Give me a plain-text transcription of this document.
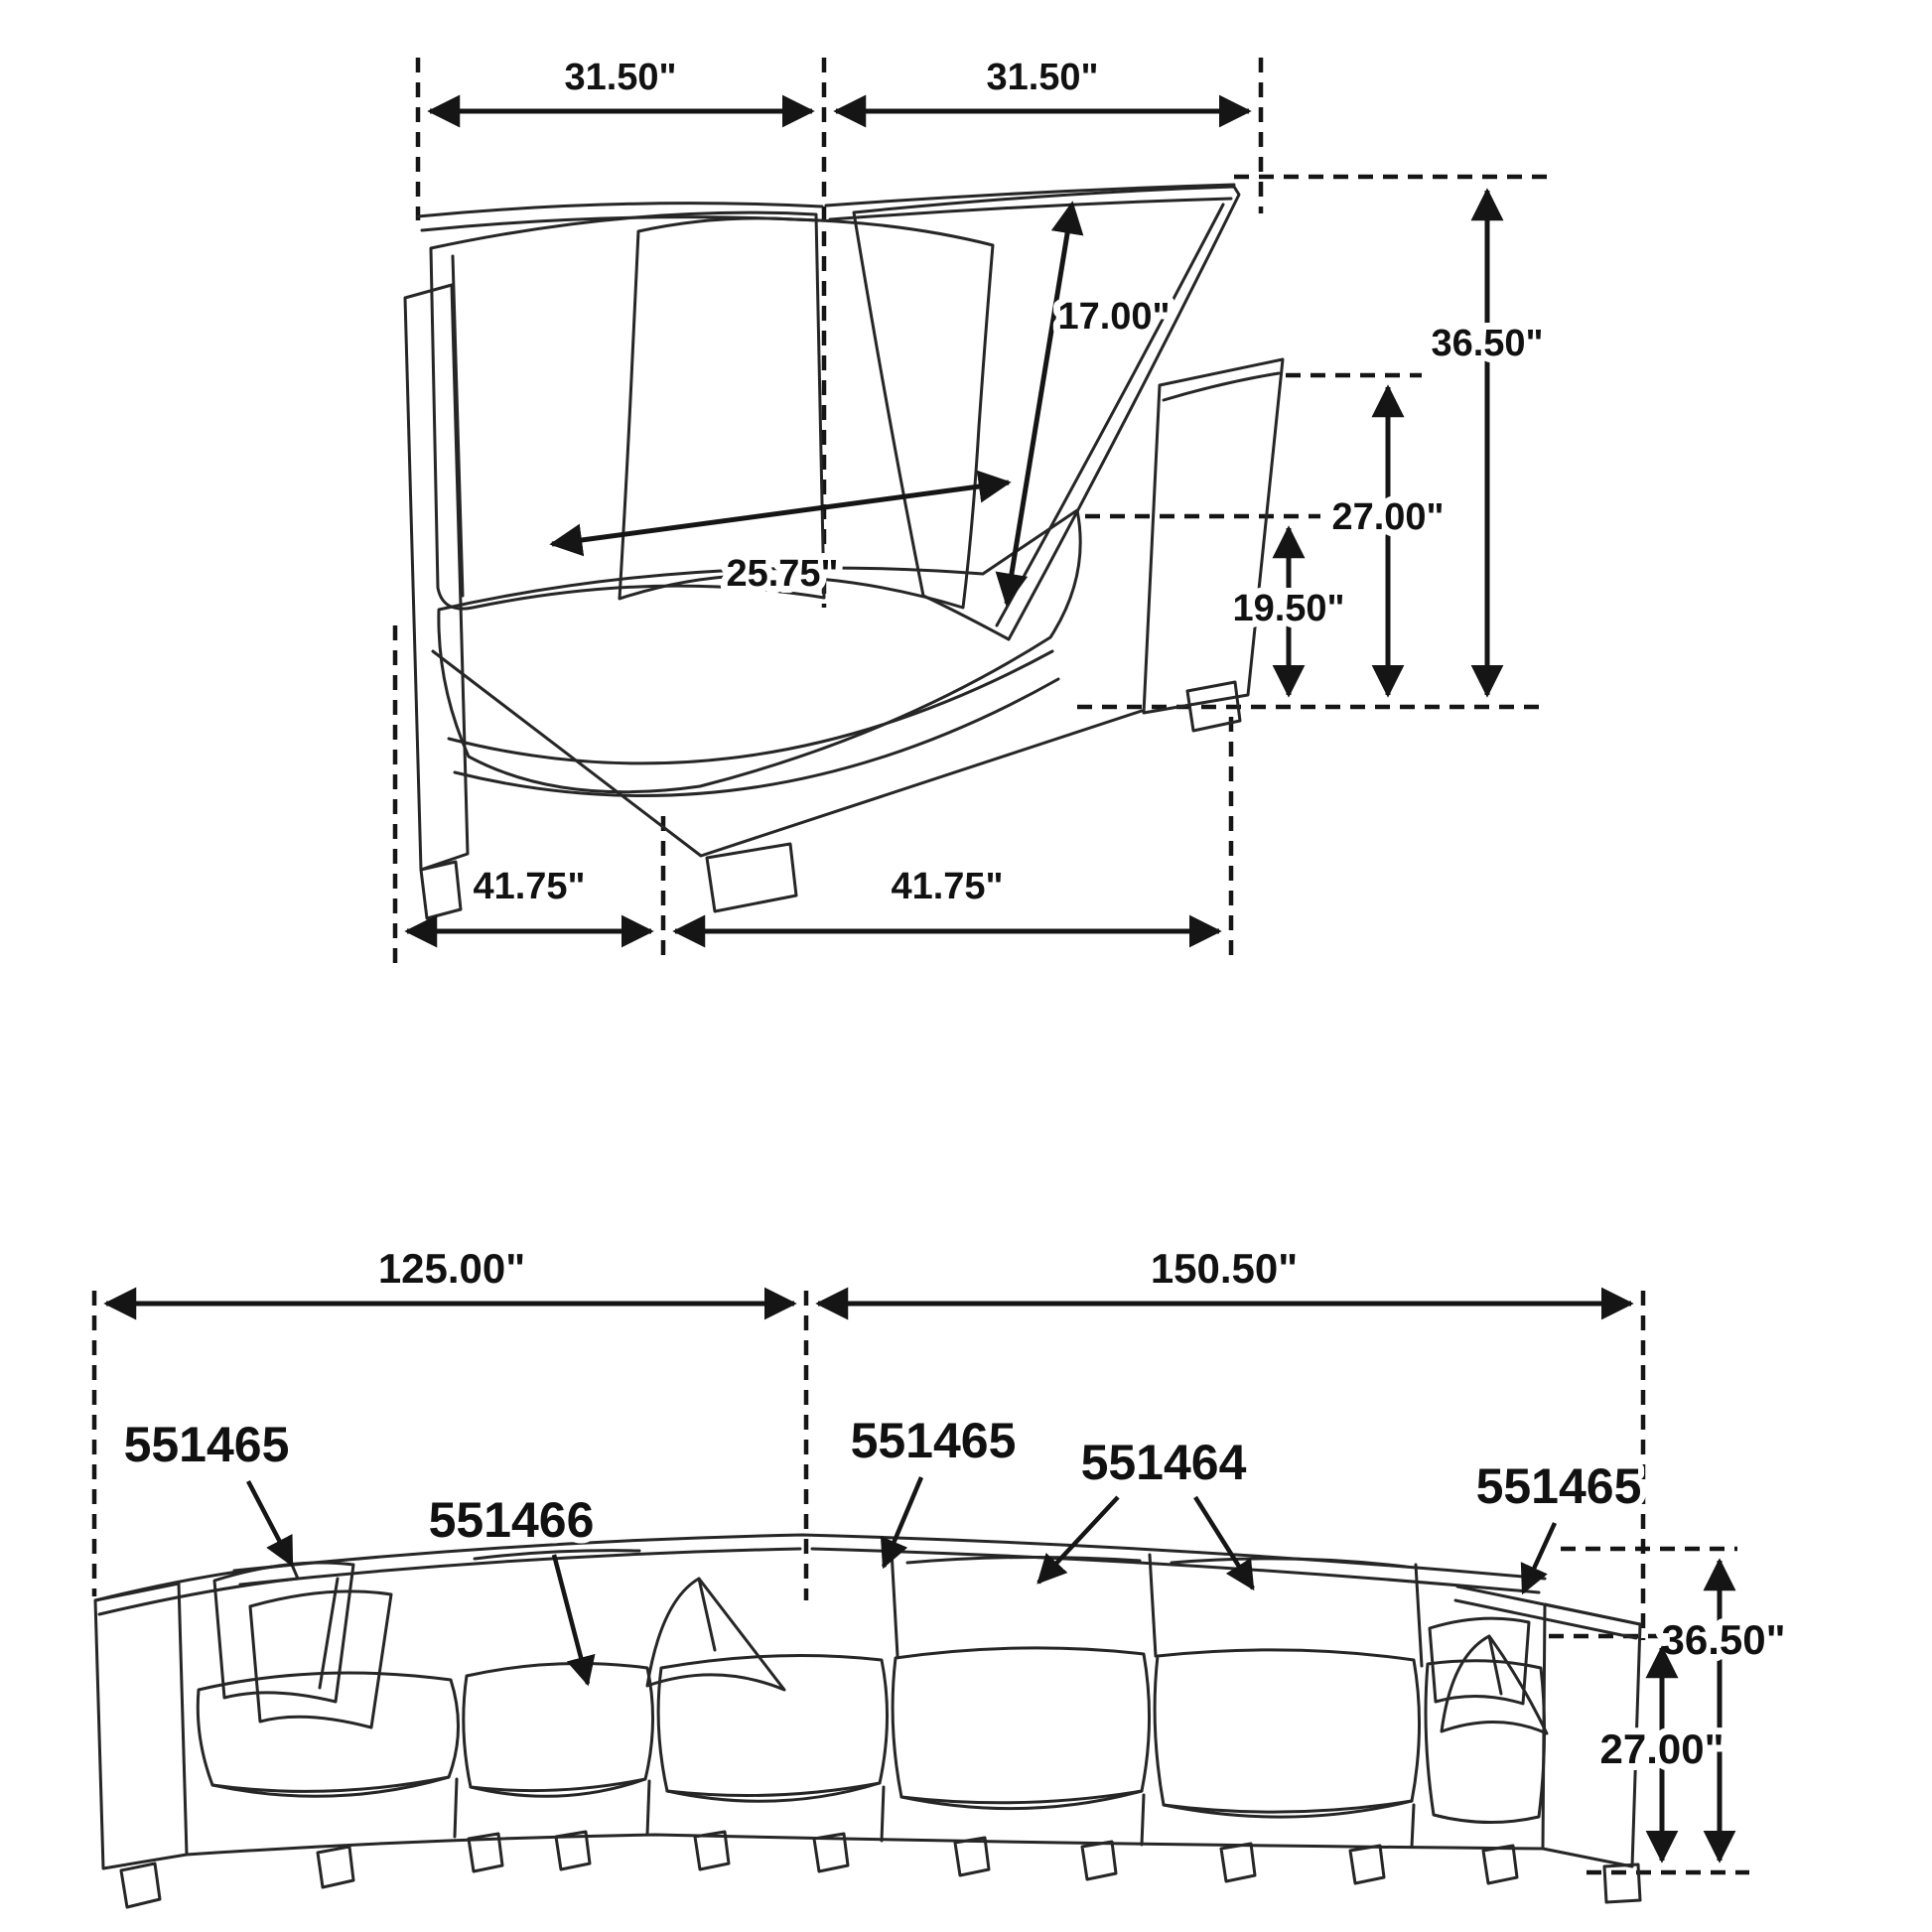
31.50"	31.50"
17.00"
25.75"
36.50"
27.00"
19.50"
41.75"	41.75"
125.00"	150.50"
36.50"
27.00"
551465
551466
551465 551464	551465
